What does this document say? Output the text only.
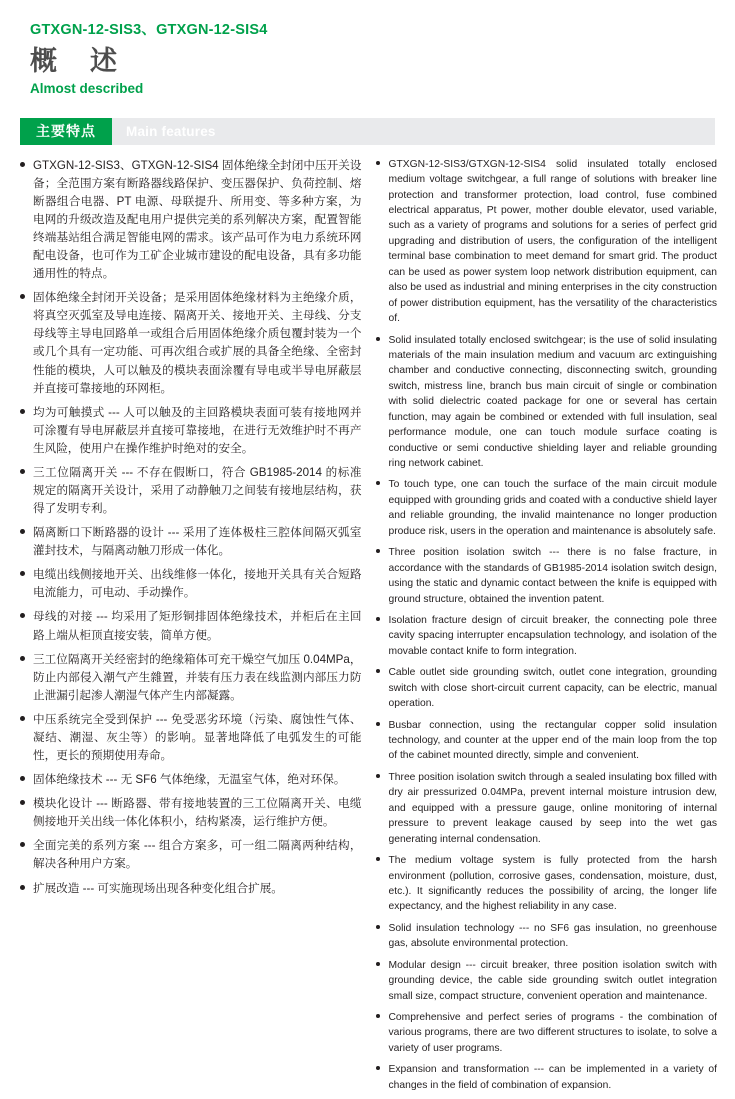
GTXGN-12-SIS3、GTXGN-12-SIS4
概　述
Almost described
主要特点	Main features
GTXGN-12-SIS3、GTXGN-12-SIS4 固体绝缘全封闭中压开关设备；全范围方案有断路器线路保护、变压器保护、负荷控制、熔断器组合电器、PT 电源、母联提升、所用变、等多种方案，为电网的升级改造及配电用户提供完美的系列解决方案，配置智能终端基站组合满足智能电网的需求。该产品可作为电力系统环网配电设备，也可作为工矿企业城市建设的配电设备，具有多功能通用性的特点。
固体绝缘全封闭开关设备；是采用固体绝缘材料为主绝缘介质，将真空灭弧室及导电连接、隔离开关、接地开关、主母线、分支母线等主导电回路单一或组合后用固体绝缘介质包覆封装为一个或几个具有一定功能、可再次组合或扩展的具备全绝缘、全密封性能的模块，人可以触及的模块表面涂覆有导电或半导电屏蔽层并直接可靠接地的环网柜。
均为可触摸式 --- 人可以触及的主回路模块表面可装有接地网并可涂覆有导电屏蔽层并直接可靠接地，在进行无效维护时不再产生风险，使用户在操作维护时绝对的安全。
三工位隔离开关 --- 不存在假断口，符合 GB1985-2014 的标准规定的隔离开关设计，采用了动静触刀之间装有接地层结构，获得了发明专利。
隔离断口下断路器的设计 --- 采用了连体极柱三腔体间隔灭弧室灌封技术，与隔离动触刀形成一体化。
电缆出线侧接地开关、出线维修一体化，接地开关具有关合短路电流能力，可电动、手动操作。
母线的对接 --- 均采用了矩形铜排固体绝缘技术，并柜后在主回路上端从柜顶直接安装，简单方便。
三工位隔离开关经密封的绝缘箱体可充干燥空气加压 0.04MPa，防止内部侵入潮气产生雜置，并装有压力表在线监测内部压力防止泄漏引起渗人潮湿气体产生内部凝露。
中压系统完全受到保护 --- 免受恶劣环境（污染、腐蚀性气体、凝结、潮湿、灰尘等）的影响。显著地降低了电弧发生的可能性，更长的预期使用寿命。
固体绝缘技术 --- 无 SF6 气体绝缘，无温室气体，绝对环保。
模块化设计 --- 断路器、带有接地装置的三工位隔离开关、电缆侧接地开关出线一体化体积小，结构紧凑，运行维护方便。
全面完美的系列方案 --- 组合方案多，可一组二隔离两种结构，解决各种用户方案。
扩展改造 --- 可实施现场出现各种变化组合扩展。
GTXGN-12-SIS3/GTXGN-12-SIS4 solid insulated totally enclosed medium voltage switchgear, a full range of solutions with breaker line protection and transformer protection, load control, fuse combined electrical apparatus, Pt power, mother double elevator, used variable, such as a variety of programs and solutions for a series of perfect grid upgrading and distribution of users, the configuration of the intelligent terminal base combination to meet demand for smart grid. The product can be used as power system loop network distribution equipment, can also be used as industrial and mining enterprises in the city construction of power distribution equipment, has the versatility of the characteristics of.
Solid insulated totally enclosed switchgear; is the use of solid insulating materials of the main insulation medium and vacuum arc extinguishing chamber and conductive connecting, disconnecting switch, grounding switch, mistress line, branch bus main circuit of single or combination with solid dielectric coated package for one or several has certain function, may again be combined or extended with full insulation, seal performance module, one can touch module surface coating is conductive or semi conductive shielding layer and reliable grounding ring network cabinet.
To touch type, one can touch the surface of the main circuit module equipped with grounding grids and coated with a conductive shield layer and reliable grounding, the invalid maintenance no longer production produce risk, users in the operation and maintenance is absolutely safe.
Three position isolation switch --- there is no false fracture, in accordance with the standards of GB1985-2014 isolation switch design, using the static and dynamic contact between the knife is equipped with ground structure, obtained the invention patent.
Isolation fracture design of circuit breaker, the connecting pole three cavity spacing interrupter encapsulation technology, and isolation of the movable contact knife to form integration.
Cable outlet side grounding switch, outlet cone integration, grounding switch with close short-circuit current capacity, can be electric, manual operation.
Busbar connection, using the rectangular copper solid insulation technology, and counter at the upper end of the main loop from the top of the cabinet mounted directly, simple and convenient.
Three position isolation switch through a sealed insulating box filled with dry air pressurized 0.04MPa, prevent internal moisture intrusion dew, and equipped with a pressure gauge, online monitoring of internal pressure to prevent leakage caused by seep into the wet gas generating internal condensation.
The medium voltage system is fully protected from the harsh environment (pollution, corrosive gases, condensation, moisture, dust, etc.). It significantly reduces the possibility of arcing, the longer life expectancy, and the highest reliability in any case.
Solid insulation technology --- no SF6 gas insulation, no greenhouse gas, absolute environmental protection.
Modular design --- circuit breaker, three position isolation switch with grounding device, the cable side grounding switch outlet integration small size, compact structure, convenient operation and maintenance.
Comprehensive and perfect series of programs - the combination of various programs, there are two different structures to isolate, to solve a variety of user programs.
Expansion and transformation --- can be implemented in a variety of changes in the field of combination of expansion.
